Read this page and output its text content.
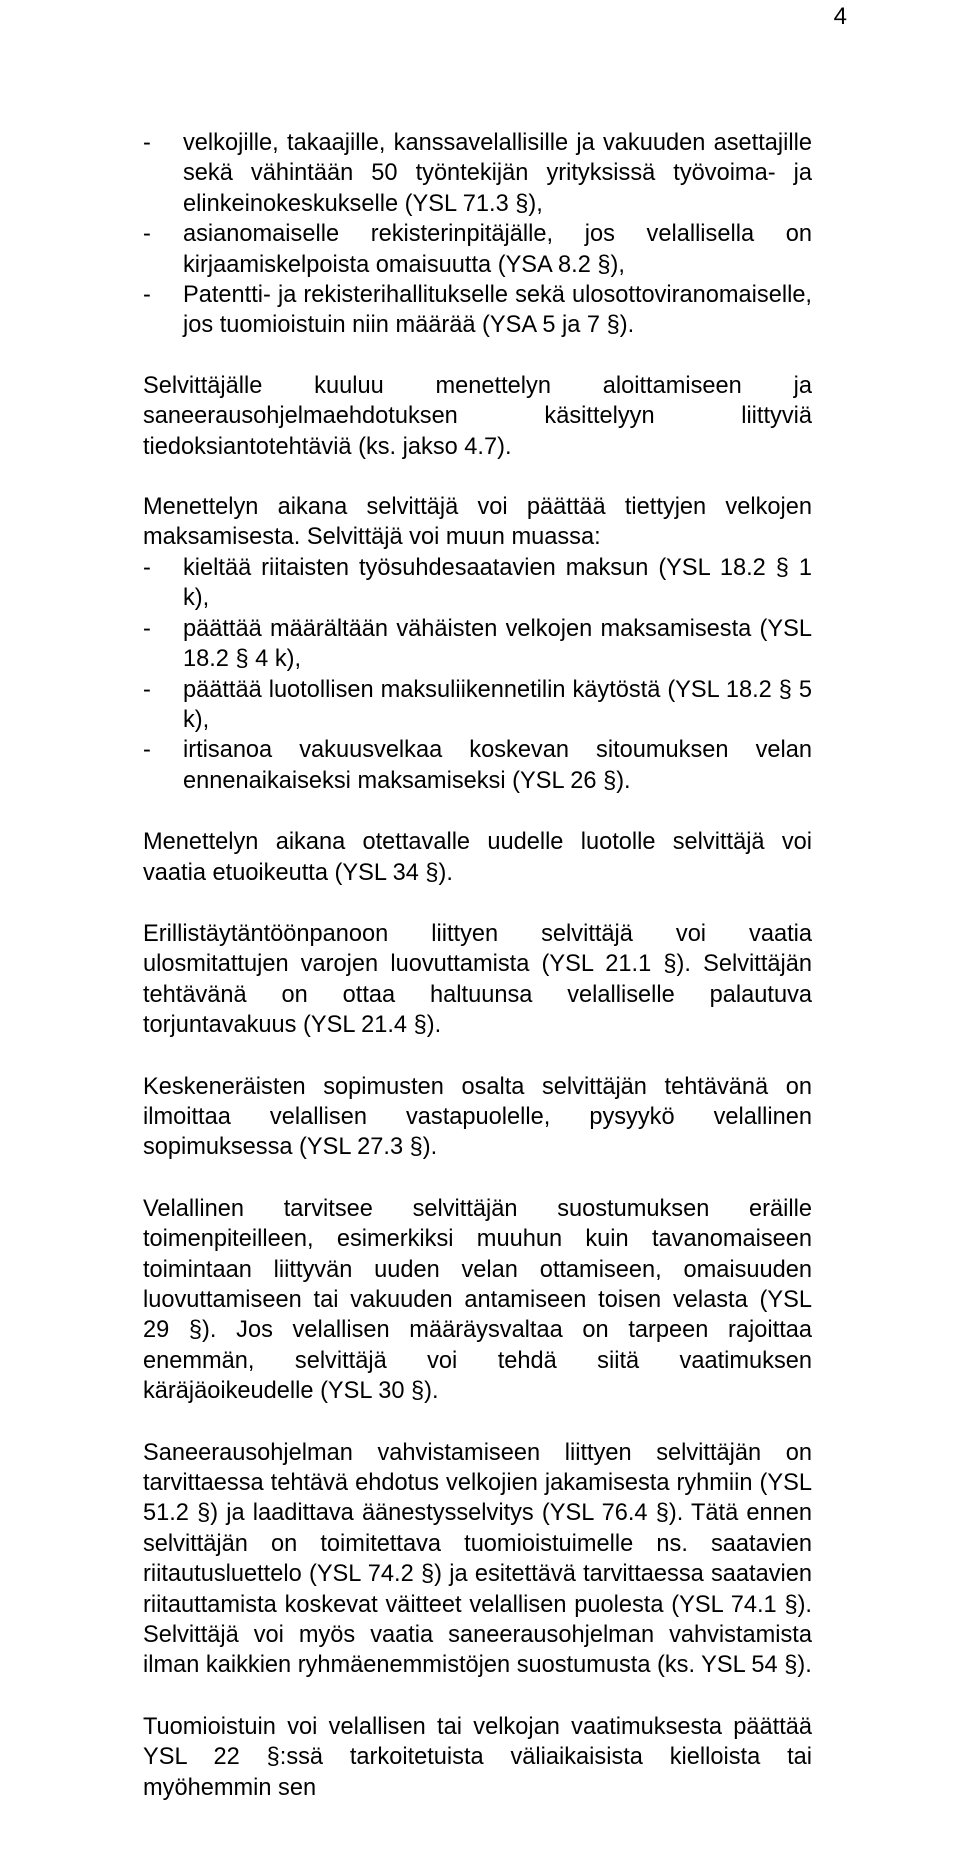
4
- velkojille, takaajille, kanssavelallisille ja vakuuden asettajille sekä vähintään 50 työntekijän yrityksissä työvoima- ja elinkeinokeskukselle (YSL 71.3 §),
- asianomaiselle rekisterinpitäjälle, jos velallisella on kirjaamiskelpoista omaisuutta (YSA 8.2 §),
- Patentti- ja rekisterihallitukselle sekä ulosottoviranomaiselle, jos tuomioistuin niin määrää (YSA 5 ja 7 §).

Selvittäjälle kuuluu menettelyn aloittamiseen ja saneerausohjelmaehdotuksen käsittelyyn liittyviä tiedoksiantotehtäviä (ks. jakso 4.7).

Menettelyn aikana selvittäjä voi päättää tiettyjen velkojen maksamisesta. Selvittäjä voi muun muassa:

- kieltää riitaisten työsuhdesaatavien maksun (YSL 18.2 § 1 k),
- päättää määrältään vähäisten velkojen maksamisesta (YSL 18.2 § 4 k),
- päättää luotollisen maksuliikennetilin käytöstä (YSL 18.2 § 5 k),
- irtisanoa vakuusvelkaa koskevan sitoumuksen velan ennenaikaiseksi maksamiseksi (YSL 26 §).

Menettelyn aikana otettavalle uudelle luotolle selvittäjä voi vaatia etuoikeutta (YSL 34 §).

Erillistäytäntöönpanoon liittyen selvittäjä voi vaatia ulosmitattujen varojen luovuttamista (YSL 21.1 §). Selvittäjän tehtävänä on ottaa haltuunsa velalliselle palautuva torjuntavakuus (YSL 21.4 §).

Keskeneräisten sopimusten osalta selvittäjän tehtävänä on ilmoittaa velallisen vastapuolelle, pysyykö velallinen sopimuksessa (YSL 27.3 §).

Velallinen tarvitsee selvittäjän suostumuksen eräille toimenpiteilleen, esimerkiksi muuhun kuin tavanomaiseen toimintaan liittyvän uuden velan ottamiseen, omaisuuden luovuttamiseen tai vakuuden antamiseen toisen velasta (YSL 29 §). Jos velallisen määräysvaltaa on tarpeen rajoittaa enemmän, selvittäjä voi tehdä siitä vaatimuksen käräjäoikeudelle (YSL 30 §).

Saneerausohjelman vahvistamiseen liittyen selvittäjän on tarvittaessa tehtävä ehdotus velkojien jakamisesta ryhmiin (YSL 51.2 §) ja laadittava äänestysselvitys (YSL 76.4 §). Tätä ennen selvittäjän on toimitettava tuomioistuimelle ns. saatavien riitautusluettelo (YSL 74.2 §) ja esitettävä tarvittaessa saatavien riitauttamista koskevat väitteet velallisen puolesta (YSL 74.1 §). Selvittäjä voi myös vaatia saneerausohjelman vahvistamista ilman kaikkien ryhmäenemmistöjen suostumusta (ks. YSL 54 §).

Tuomioistuin voi velallisen tai velkojan vaatimuksesta päättää YSL 22 §:ssä tarkoitetuista väliaikaisista kielloista tai myöhemmin sen
